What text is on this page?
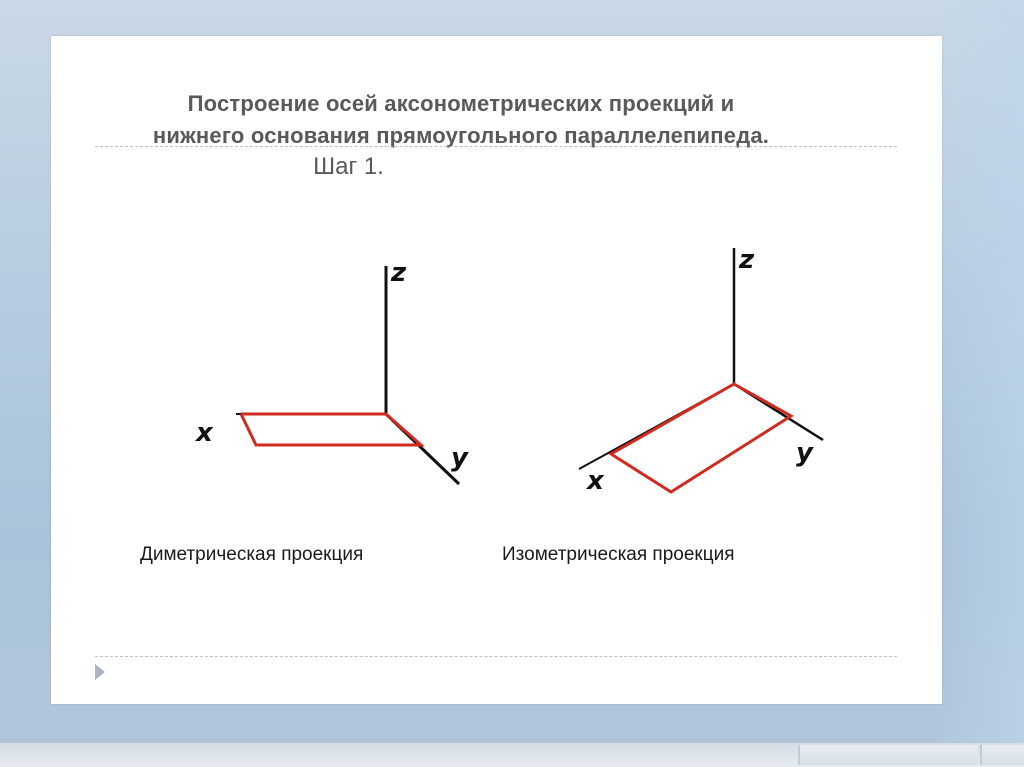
Построение осей аксонометрических проекций и
нижнего основания прямоугольного параллелепипеда.
Шаг 1.
z
x
y
z
x
y
Диметрическая проекция	Изометрическая проекция
